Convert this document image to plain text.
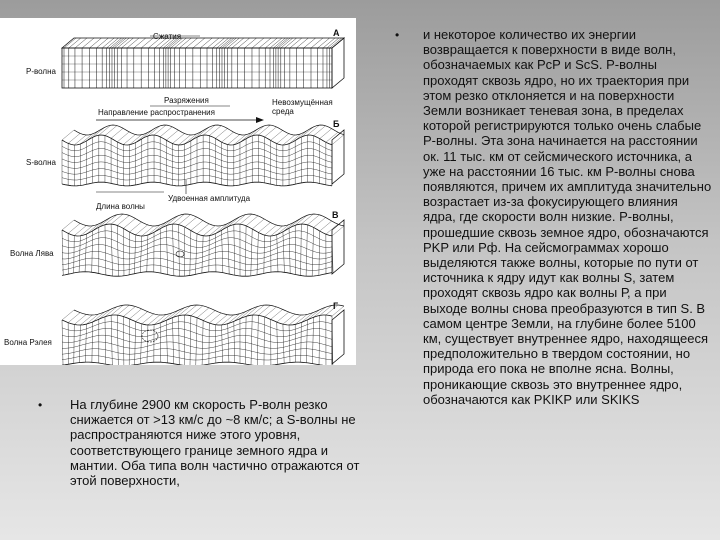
Сжатия	А
Р-волна
Разряжения	Невозмущённая среда
Направление распространения
Б
S-волна
Удвоенная амплитуда
Длина волны
В
Волна Лява
Г
Волна Рэлея
• На глубине 2900 км скорость Р-волн резко снижается от >13 км/с до ~8 км/с; а S-волны не распространяются ниже этого уровня, соответствующего границе земного ядра и мантии. Оба типа волн частично отражаются от этой поверхности,
• и некоторое количество их энергии возвращается к поверхности в виде волн, обозначаемых как PcP и ScS. Р-волны проходят сквозь ядро, но их траектория при этом резко отклоняется и на поверхности Земли возникает теневая зона, в пределах которой регистрируются только очень слабые Р-волны. Эта зона начинается на расстоянии ок. 11 тыс. км от сейсмического источника, а уже на расстоянии 16 тыс. км Р-волны снова появляются, причем их амплитуда значительно возрастает из-за фокусирующего влияния ядра, где скорости волн низкие. Р-волны, прошедшие сквозь земное ядро, обозначаются PKP или Pф. На сейсмограммах хорошо выделяются также волны, которые по пути от источника к ядру идут как волны S, затем проходят сквозь ядро как волны Р, а при выходе волны снова преобразуются в тип S. В самом центре Земли, на глубине более 5100 км, существует внутреннее ядро, находящееся предположительно в твердом состоянии, но природа его пока не вполне ясна. Волны, проникающие сквозь это внутреннее ядро, обозначаются как PKIKP или SKIKS
